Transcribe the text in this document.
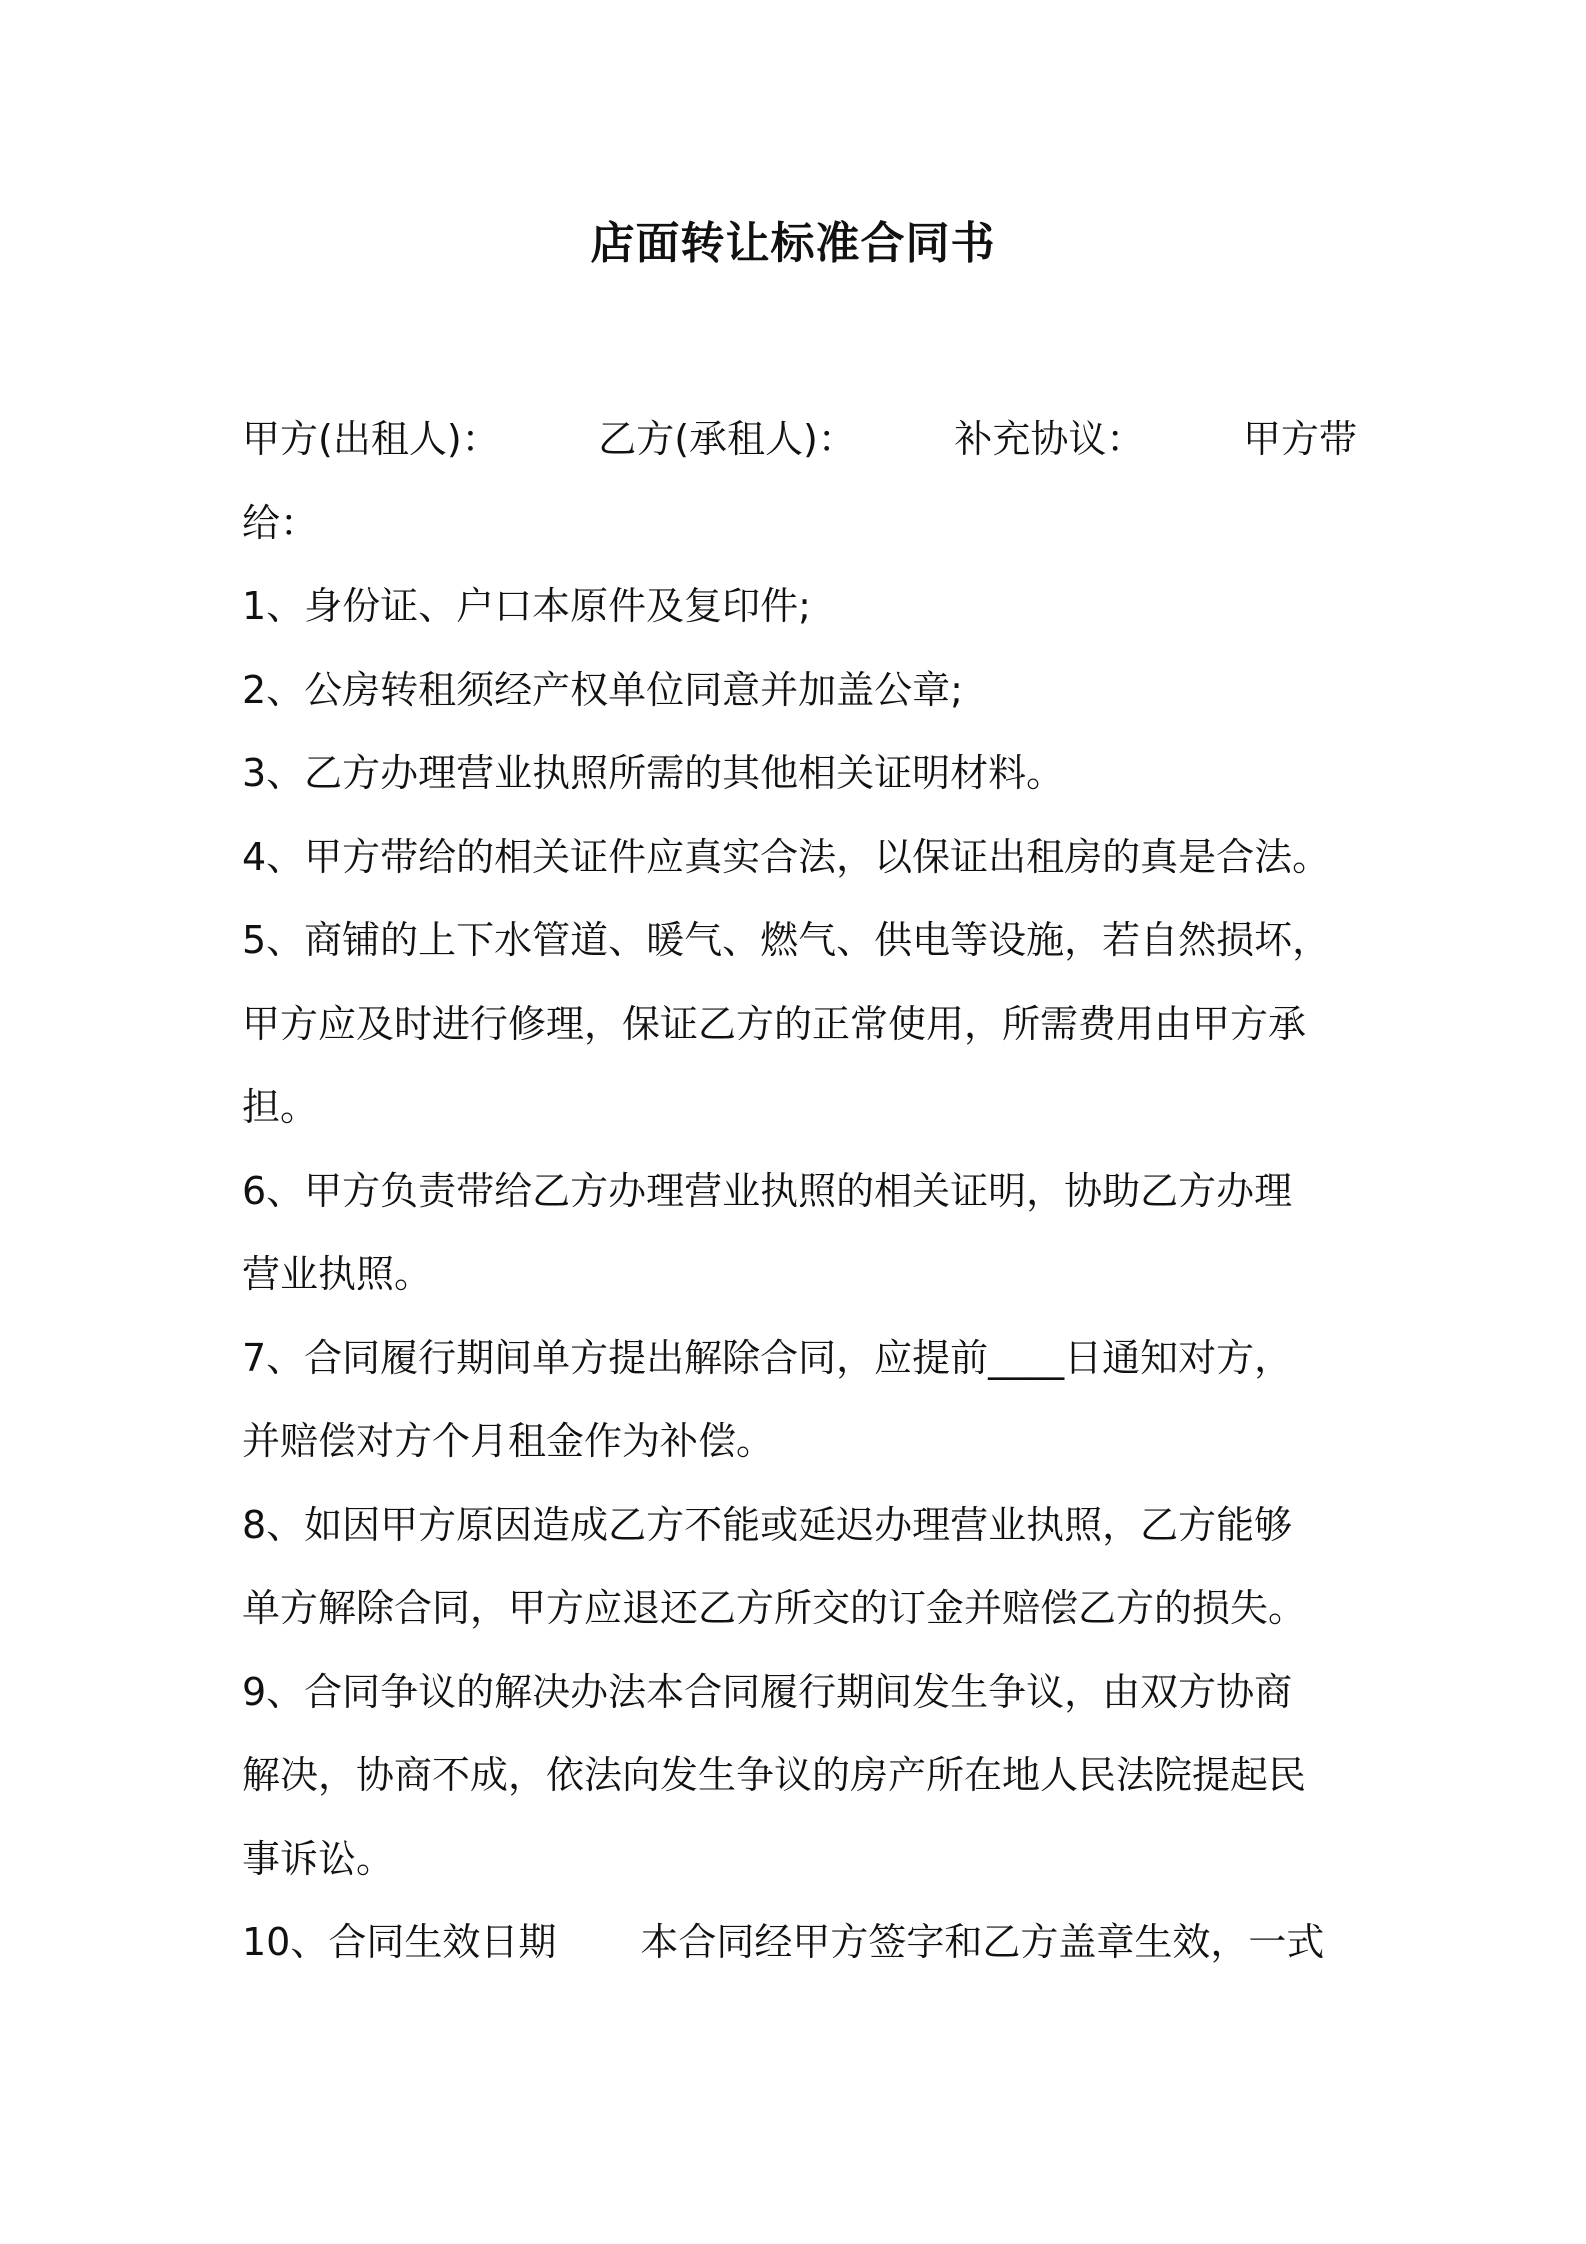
店面转让标准合同书
甲方(出租人)：	乙方(承租人)：	补充协议：	甲方带
给：
1、身份证、户口本原件及复印件;
2、公房转租须经产权单位同意并加盖公章;
3、乙方办理营业执照所需的其他相关证明材料。
4、甲方带给的相关证件应真实合法，以保证出租房的真是合法。
5、商铺的上下水管道、暖气、燃气、供电等设施，若自然损坏，
甲方应及时进行修理，保证乙方的正常使用，所需费用由甲方承
担。
6、甲方负责带给乙方办理营业执照的相关证明，协助乙方办理
营业执照。
7、合同履行期间单方提出解除合同，应提前____日通知对方，
并赔偿对方个月租金作为补偿。
8、如因甲方原因造成乙方不能或延迟办理营业执照，乙方能够
单方解除合同，甲方应退还乙方所交的订金并赔偿乙方的损失。
9、合同争议的解决办法本合同履行期间发生争议，由双方协商
解决，协商不成，依法向发生争议的房产所在地人民法院提起民
事诉讼。
10、合同生效日期 本合同经甲方签字和乙方盖章生效，一式
